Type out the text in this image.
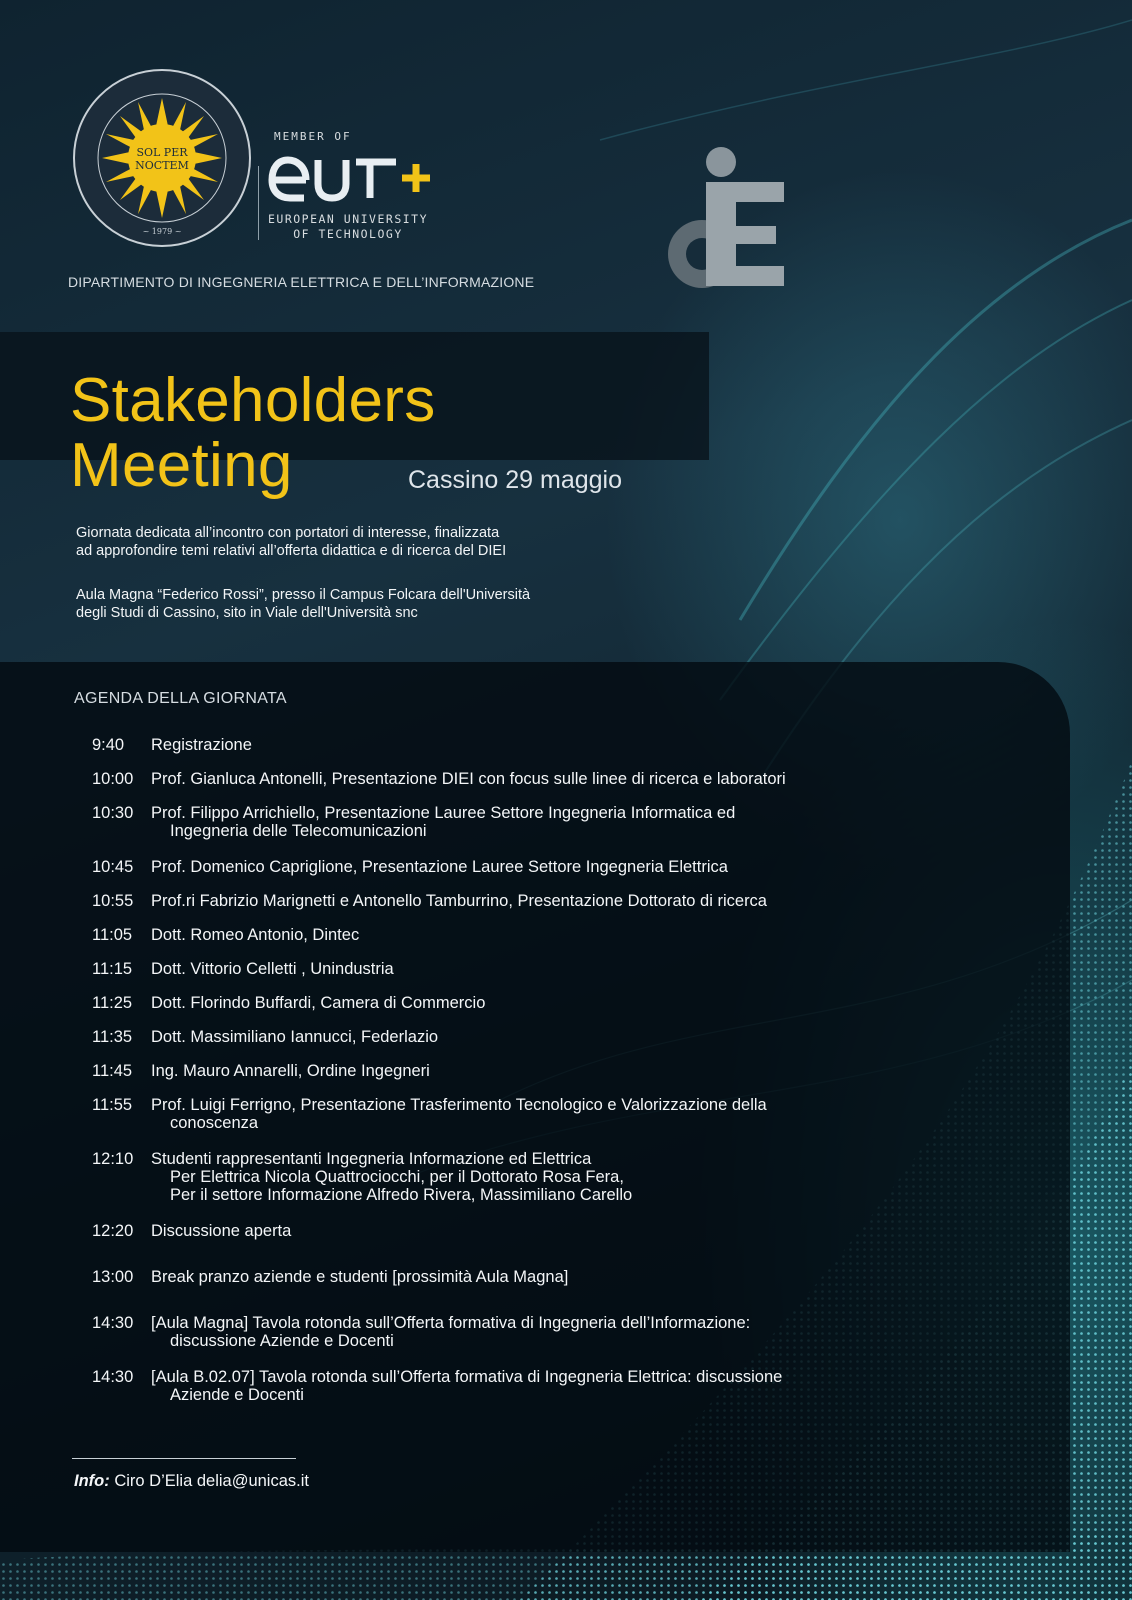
SOL PER
NOCTEM
~ 1979 ~
MEMBER OF
EUROPEAN UNIVERSITY
OF TECHNOLOGY
DIPARTIMENTO DI INGEGNERIA ELETTRICA E DELL’INFORMAZIONE
Stakeholders
Meeting	Cassino 29 maggio

Giornata dedicata all’incontro con portatori di interesse, finalizzata
ad approfondire temi relativi all’offerta didattica e di ricerca del DIEI

Aula Magna “Federico Rossi”, presso il Campus Folcara dell'Università
degli Studi di Cassino, sito in Viale dell'Università snc

AGENDA DELLA GIORNATA
9:40	Registrazione
10:00	Prof. Gianluca Antonelli, Presentazione DIEI con focus sulle linee di ricerca e laboratori
10:30	Prof. Filippo Arrichiello, Presentazione Lauree Settore Ingegneria Informatica ed
Ingegneria delle Telecomunicazioni
10:45	Prof. Domenico Capriglione, Presentazione Lauree Settore Ingegneria Elettrica
10:55	Prof.ri Fabrizio Marignetti e Antonello Tamburrino, Presentazione Dottorato di ricerca
11:05	Dott. Romeo Antonio, Dintec
11:15	Dott. Vittorio Celletti , Unindustria
11:25	Dott. Florindo Buffardi, Camera di Commercio
11:35	Dott. Massimiliano Iannucci, Federlazio
11:45	Ing. Mauro Annarelli, Ordine Ingegneri
11:55	Prof. Luigi Ferrigno, Presentazione Trasferimento Tecnologico e Valorizzazione della
conoscenza
12:10	Studenti rappresentanti Ingegneria Informazione ed Elettrica
Per Elettrica Nicola Quattrociocchi, per il Dottorato Rosa Fera,
Per il settore Informazione Alfredo Rivera, Massimiliano Carello
12:20	Discussione aperta
13:00	Break pranzo aziende e studenti [prossimità Aula Magna]
14:30	[Aula Magna] Tavola rotonda sull’Offerta formativa di Ingegneria dell’Informazione:
discussione Aziende e Docenti
14:30	[Aula B.02.07] Tavola rotonda sull’Offerta formativa di Ingegneria Elettrica: discussione
Aziende e Docenti
Info: Ciro D’Elia delia@unicas.it
